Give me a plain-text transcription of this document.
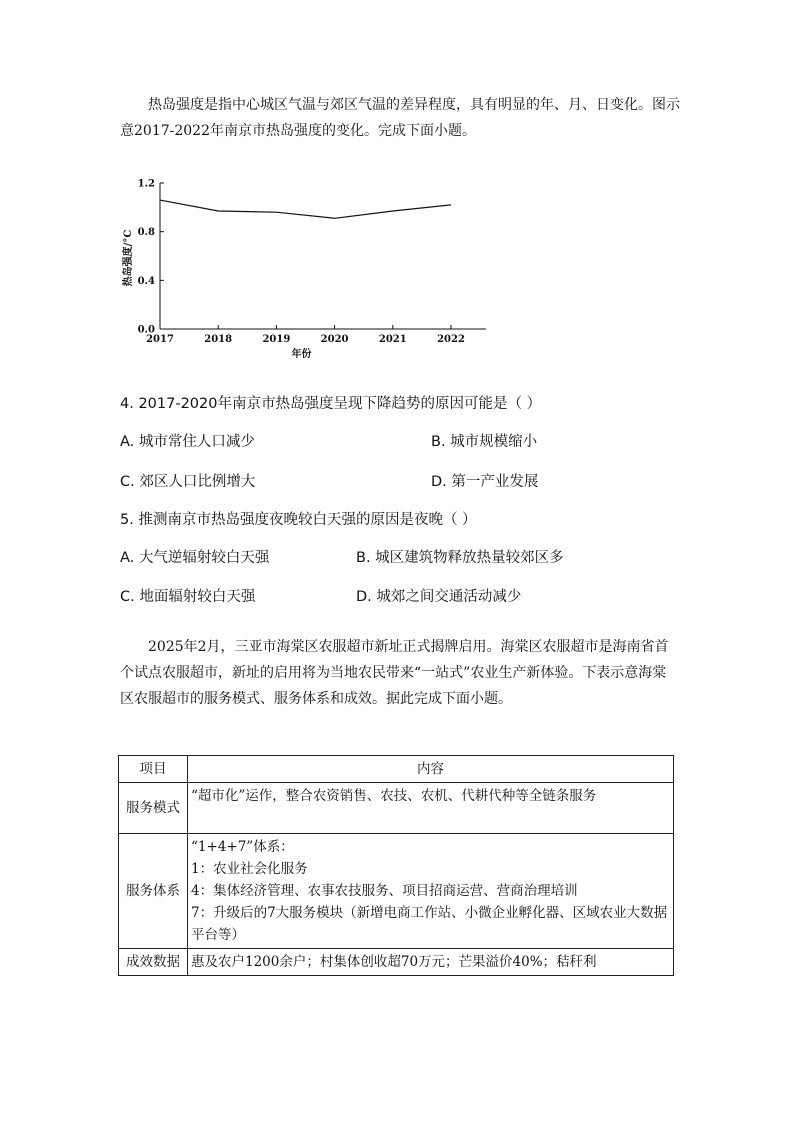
热岛强度是指中心城区气温与郊区气温的差异程度，具有明显的年、月、日变化。图示意2017-2022年南京市热岛强度的变化。完成下面小题。
0.0
0.4
0.8
1.2
2017	2018	2019	2020	2021	2022
年份
热岛强度/°C
4. 2017-2020年南京市热岛强度呈现下降趋势的原因可能是（ ）
A. 城市常住人口减少	B. 城市规模缩小
C. 郊区人口比例增大	D. 第一产业发展
5. 推测南京市热岛强度夜晚较白天强的原因是夜晚（ ）
A. 大气逆辐射较白天强	B. 城区建筑物释放热量较郊区多
C. 地面辐射较白天强	D. 城郊之间交通活动减少
2025年2月，三亚市海棠区农服超市新址正式揭牌启用。海棠区农服超市是海南省首个试点农服超市，新址的启用将为当地农民带来“一站式”农业生产新体验。下表示意海棠区农服超市的服务模式、服务体系和成效。据此完成下面小题。
项目	内容
服务模式	“超市化”运作，整合农资销售、农技、农机、代耕代种等全链条服务

服务体系	“1+4+7”体系：
1：农业社会化服务
4：集体经济管理、农事农技服务、项目招商运营、营商治理培训
7：升级后的7大服务模块（新增电商工作站、小微企业孵化器、区域农业大数据平台等）

成效数据	惠及农户1200余户；村集体创收超70万元；芒果溢价40%；秸秆利
